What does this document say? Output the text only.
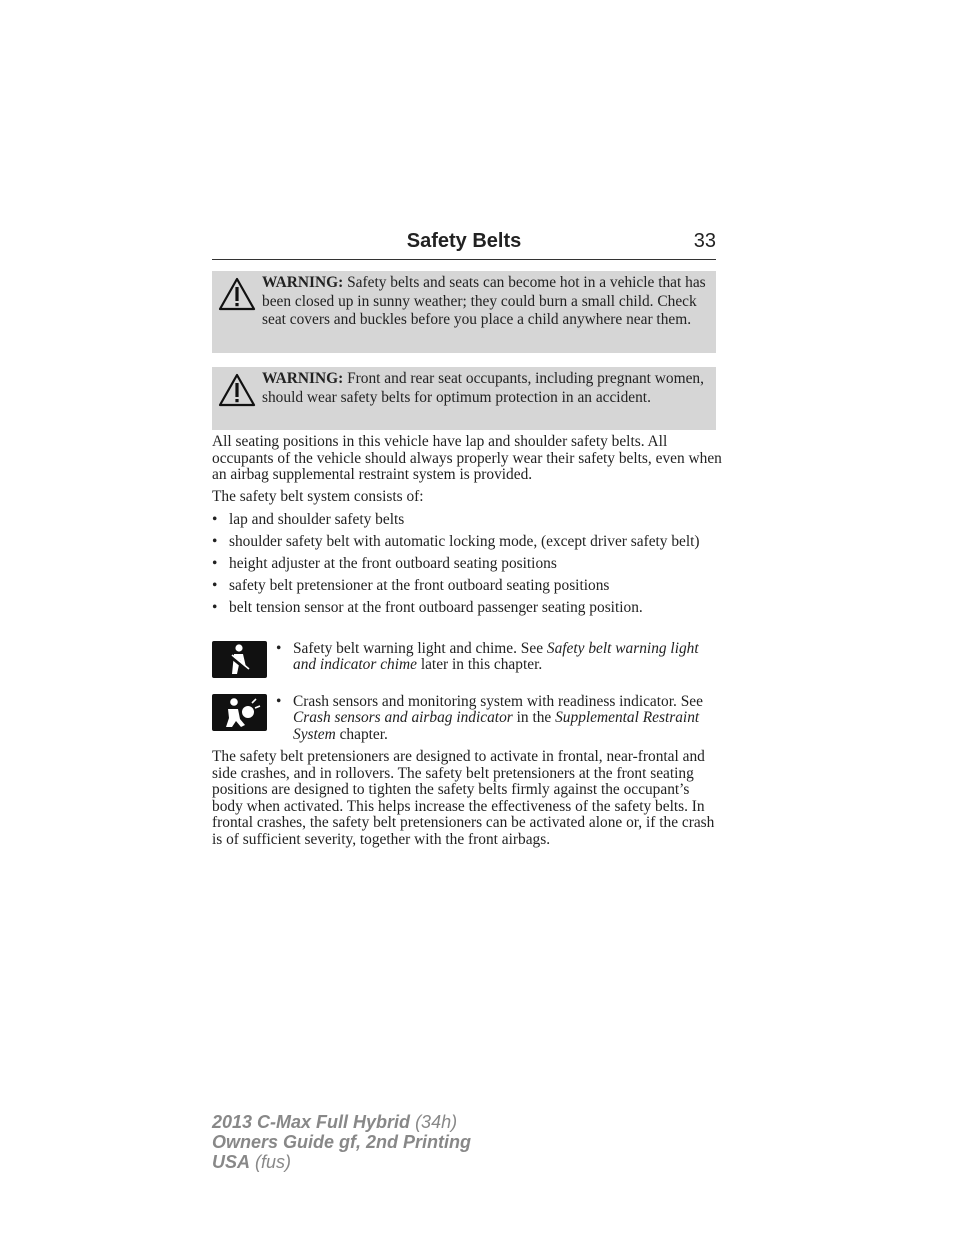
Safety Belts	33
WARNING: Safety belts and seats can become hot in a vehicle that has been closed up in sunny weather; they could burn a small child. Check seat covers and buckles before you place a child anywhere near them.
WARNING: Front and rear seat occupants, including pregnant women, should wear safety belts for optimum protection in an accident.
All seating positions in this vehicle have lap and shoulder safety belts. All occupants of the vehicle should always properly wear their safety belts, even when an airbag supplemental restraint system is provided.
The safety belt system consists of:
• lap and shoulder safety belts
• shoulder safety belt with automatic locking mode, (except driver safety belt)
• height adjuster at the front outboard seating positions
• safety belt pretensioner at the front outboard seating positions
• belt tension sensor at the front outboard passenger seating position.
• Safety belt warning light and chime. See Safety belt warning light and indicator chime later in this chapter.
• Crash sensors and monitoring system with readiness indicator. See Crash sensors and airbag indicator in the Supplemental Restraint System chapter.
The safety belt pretensioners are designed to activate in frontal, near-frontal and side crashes, and in rollovers. The safety belt pretensioners at the front seating positions are designed to tighten the safety belts firmly against the occupant’s body when activated. This helps increase the effectiveness of the safety belts. In frontal crashes, the safety belt pretensioners can be activated alone or, if the crash is of sufficient severity, together with the front airbags.
2013 C-Max Full Hybrid (34h)
Owners Guide gf, 2nd Printing
USA (fus)
